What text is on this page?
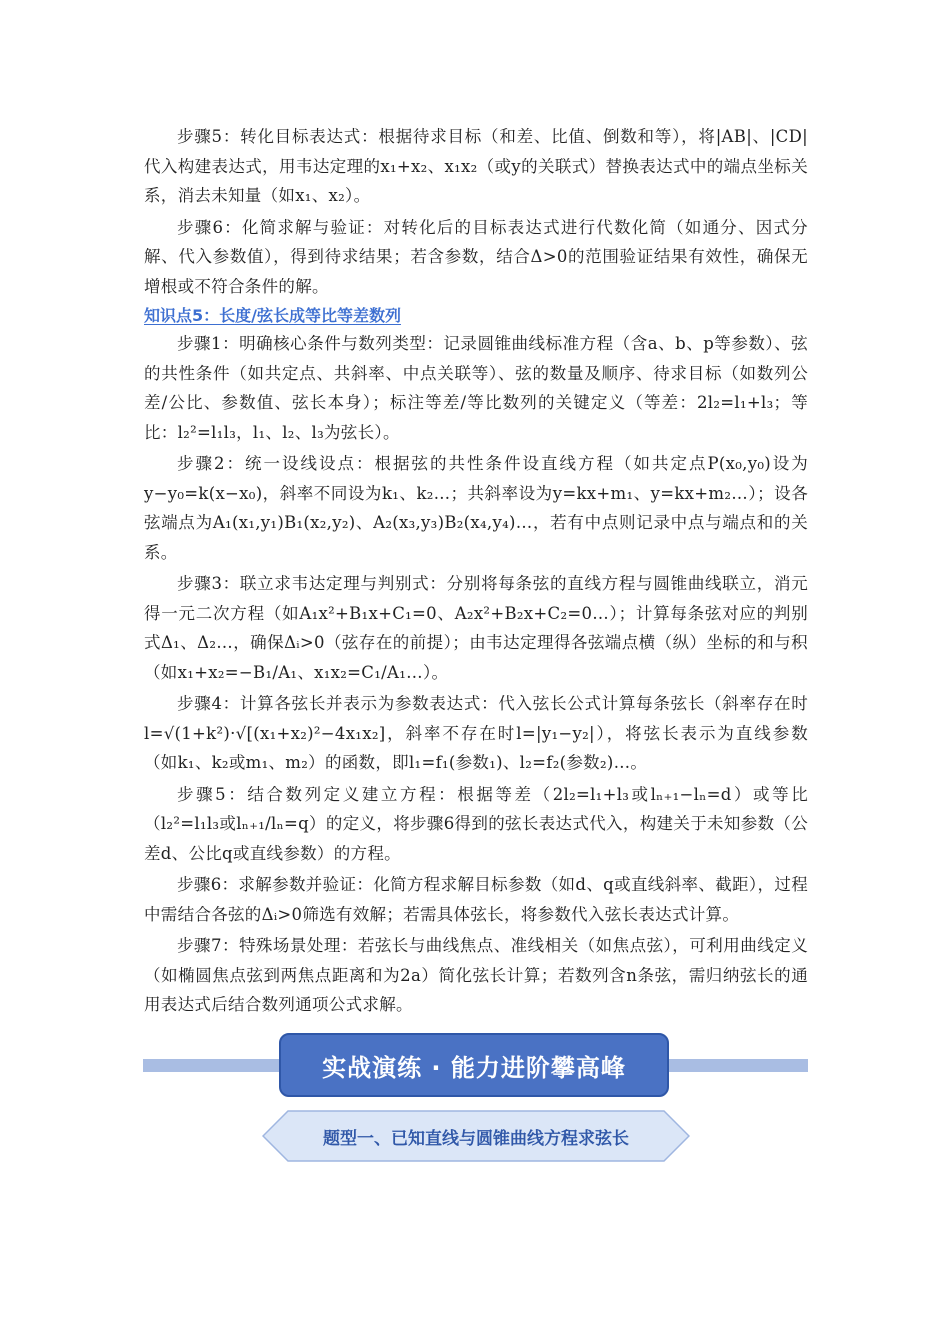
步骤5：转化目标表达式：根据待求目标（和差、比值、倒数和等），将|AB|、|CD|代入构建表达式，用韦达定理的x₁+x₂、x₁x₂（或y的关联式）替换表达式中的端点坐标关系，消去未知量（如x₁、x₂）。

步骤6：化简求解与验证：对转化后的目标表达式进行代数化简（如通分、因式分解、代入参数值），得到待求结果；若含参数，结合Δ>0的范围验证结果有效性，确保无增根或不符合条件的解。

知识点5：长度/弦长成等比等差数列

步骤1：明确核心条件与数列类型：记录圆锥曲线标准方程（含a、b、p等参数）、弦的共性条件（如共定点、共斜率、中点关联等）、弦的数量及顺序、待求目标（如数列公差/公比、参数值、弦长本身）；标注等差/等比数列的关键定义（等差：2l₂=l₁+l₃；等比：l₂²=l₁l₃，l₁、l₂、l₃为弦长）。

步骤2：统一设线设点：根据弦的共性条件设直线方程（如共定点P(x₀,y₀)设为y−y₀=k(x−x₀)，斜率不同设为k₁、k₂…；共斜率设为y=kx+m₁、y=kx+m₂…）；设各弦端点为A₁(x₁,y₁)B₁(x₂,y₂)、A₂(x₃,y₃)B₂(x₄,y₄)…，若有中点则记录中点与端点和的关系。

步骤3：联立求韦达定理与判别式：分别将每条弦的直线方程与圆锥曲线联立，消元得一元二次方程（如A₁x²+B₁x+C₁=0、A₂x²+B₂x+C₂=0…）；计算每条弦对应的判别式Δ₁、Δ₂…，确保Δᵢ>0（弦存在的前提）；由韦达定理得各弦端点横（纵）坐标的和与积（如x₁+x₂=−B₁/A₁、x₁x₂=C₁/A₁…）。

步骤4：计算各弦长并表示为参数表达式：代入弦长公式计算每条弦长（斜率存在时l=√(1+k²)·√[(x₁+x₂)²−4x₁x₂]，斜率不存在时l=|y₁−y₂|），将弦长表示为直线参数（如k₁、k₂或m₁、m₂）的函数，即l₁=f₁(参数₁)、l₂=f₂(参数₂)…。

步骤5：结合数列定义建立方程：根据等差（2l₂=l₁+l₃或lₙ₊₁−lₙ=d）或等比（l₂²=l₁l₃或lₙ₊₁/lₙ=q）的定义，将步骤6得到的弦长表达式代入，构建关于未知参数（公差d、公比q或直线参数）的方程。

步骤6：求解参数并验证：化简方程求解目标参数（如d、q或直线斜率、截距），过程中需结合各弦的Δᵢ>0筛选有效解；若需具体弦长，将参数代入弦长表达式计算。

步骤7：特殊场景处理：若弦长与曲线焦点、准线相关（如焦点弦），可利用曲线定义（如椭圆焦点弦到两焦点距离和为2a）简化弦长计算；若数列含n条弦，需归纳弦长的通用表达式后结合数列通项公式求解。

实战演练 · 能力进阶攀高峰
题型一、已知直线与圆锥曲线方程求弦长
